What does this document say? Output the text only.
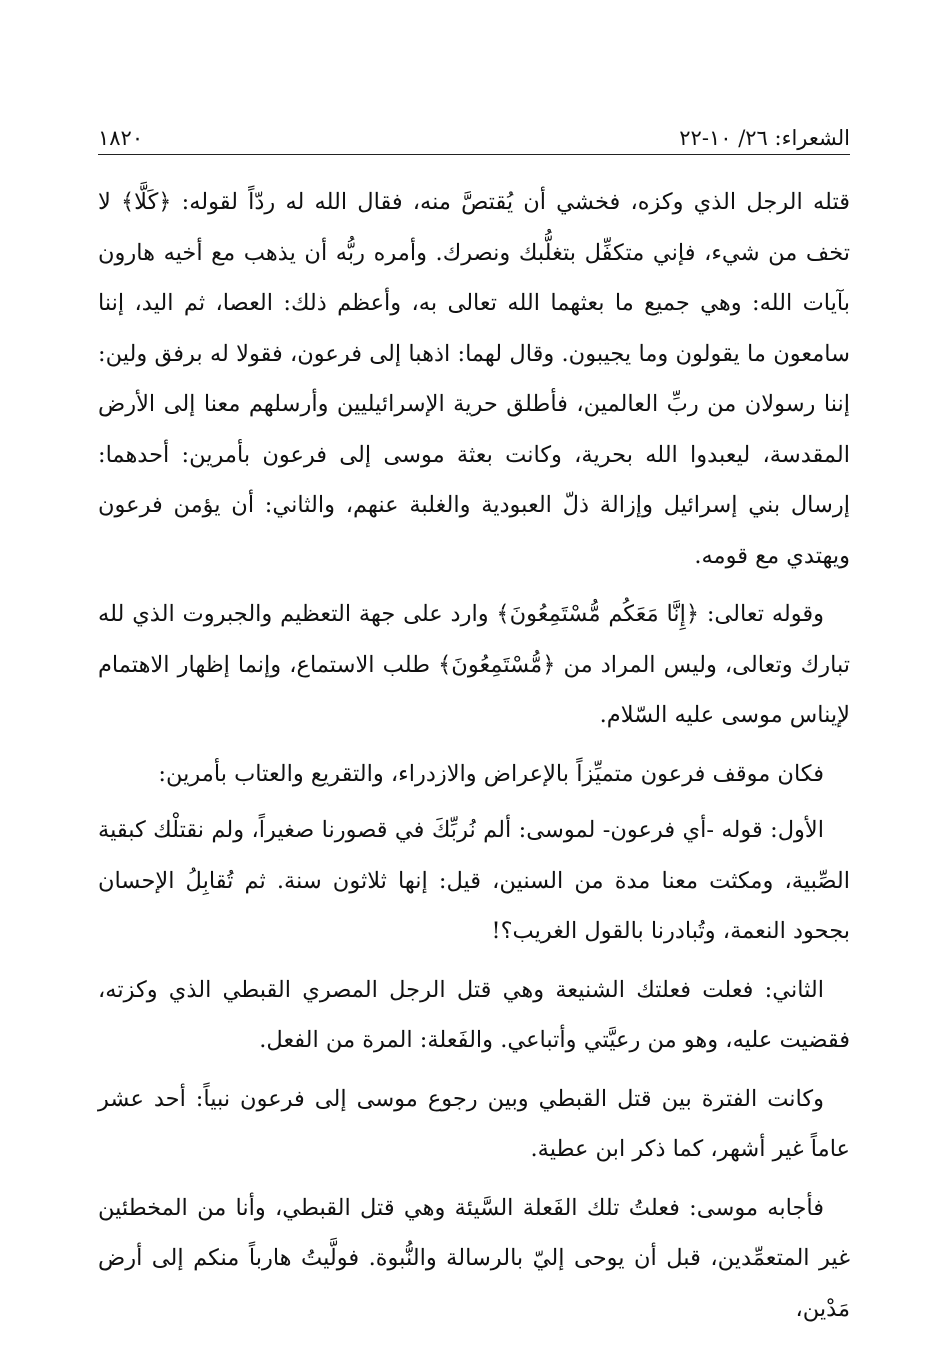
الشعراء: ٢٦/ ١٠-٢٢
١٨٢٠

قتله الرجل الذي وكزه، فخشي أن يُقتصَّ منه، فقال الله له ردّاً لقوله: ﴿كَلَّا﴾ لا تخف من شيء، فإني متكفِّل بتغلُّبك ونصرك. وأمره ربُّه أن يذهب مع أخيه هارون بآيات الله: وهي جميع ما بعثهما الله تعالى به، وأعظم ذلك: العصا، ثم اليد، إننا سامعون ما يقولون وما يجيبون. وقال لهما: اذهبا إلى فرعون، فقولا له برفق ولين: إننا رسولان من ربِّ العالمين، فأطلق حرية الإسرائيليين وأرسلهم معنا إلى الأرض المقدسة، ليعبدوا الله بحرية، وكانت بعثة موسى إلى فرعون بأمرين: أحدهما: إرسال بني إسرائيل وإزالة ذلّ العبودية والغلبة عنهم، والثاني: أن يؤمن فرعون ويهتدي مع قومه.

وقوله تعالى: ﴿إِنَّا مَعَكُم مُّسْتَمِعُونَ﴾ وارد على جهة التعظيم والجبروت الذي لله تبارك وتعالى، وليس المراد من ﴿مُّسْتَمِعُونَ﴾ طلب الاستماع، وإنما إظهار الاهتمام لإيناس موسى عليه السّلام.

فكان موقف فرعون متميِّزاً بالإعراض والازدراء، والتقريع والعتاب بأمرين:

الأول: قوله -أي فرعون- لموسى: ألم نُربِّكَ في قصورنا صغيراً، ولم نقتلْك كبقية الصِّبية، ومكثت معنا مدة من السنين، قيل: إنها ثلاثون سنة. ثم تُقابِلُ الإحسان بجحود النعمة، وتُبادرنا بالقول الغريب؟!

الثاني: فعلت فعلتك الشنيعة وهي قتل الرجل المصري القبطي الذي وكزته، فقضيت عليه، وهو من رعيَّتي وأتباعي. والفَعلة: المرة من الفعل.

وكانت الفترة بين قتل القبطي وبين رجوع موسى إلى فرعون نبياً: أحد عشر عاماً غير أشهر، كما ذكر ابن عطية.

فأجابه موسى: فعلتُ تلك الفَعلة السَّيئة وهي قتل القبطي، وأنا من المخطئين غير المتعمِّدين، قبل أن يوحى إليّ بالرسالة والنُّبوة. فولَّيتُ هارباً منكم إلى أرض مَدْين،
